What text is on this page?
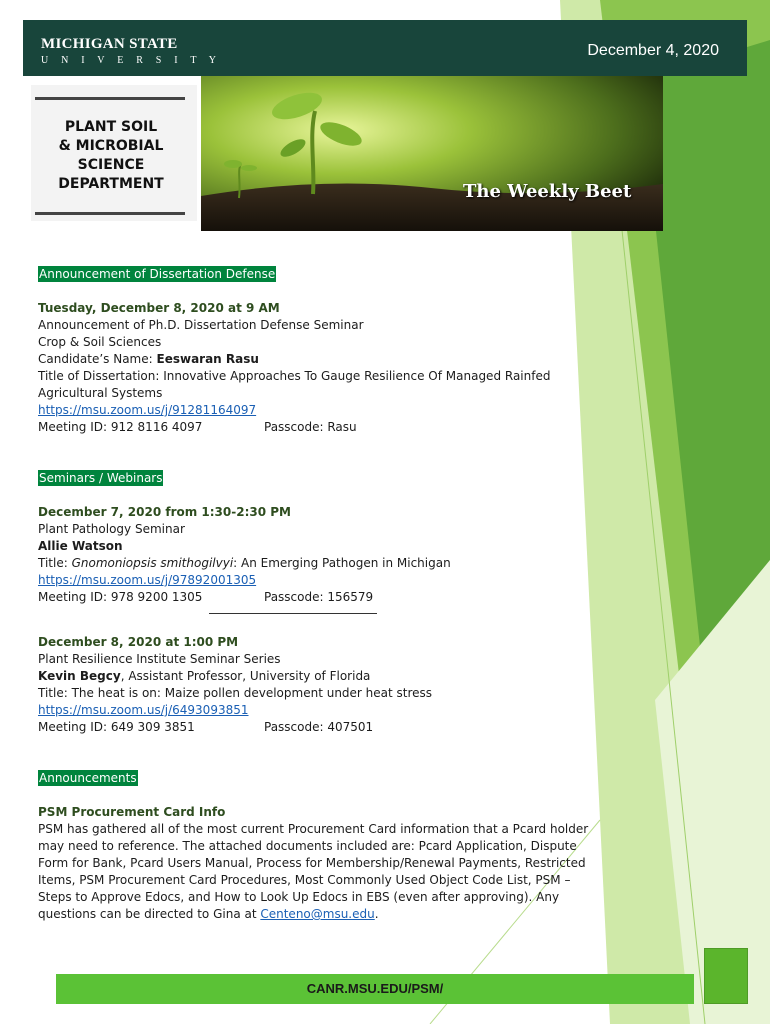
MICHIGAN STATE
U N I V E R S I T Y
December 4, 2020
PLANT SOIL
& MICROBIAL
SCIENCE
DEPARTMENT	The Weekly Beet
Announcement of Dissertation Defense
Tuesday, December 8, 2020 at 9 AM
Announcement of Ph.D. Dissertation Defense Seminar
Crop & Soil Sciences
Candidate’s Name: Eeswaran Rasu
Title of Dissertation: Innovative Approaches To Gauge Resilience Of Managed Rainfed
Agricultural Systems
https://msu.zoom.us/j/91281164097
Meeting ID: 912 8116 4097	Passcode: Rasu
Seminars / Webinars
December 7, 2020 from 1:30-2:30 PM
Plant Pathology Seminar
Allie Watson
Title: Gnomoniopsis smithogilvyi: An Emerging Pathogen in Michigan
https://msu.zoom.us/j/97892001305
Meeting ID: 978 9200 1305	Passcode: 156579
December 8, 2020 at 1:00 PM
Plant Resilience Institute Seminar Series
Kevin Begcy, Assistant Professor, University of Florida
Title: The heat is on: Maize pollen development under heat stress
https://msu.zoom.us/j/6493093851
Meeting ID: 649 309 3851	Passcode: 407501
Announcements
PSM Procurement Card Info
PSM has gathered all of the most current Procurement Card information that a Pcard holder may need to reference. The attached documents included are: Pcard Application, Dispute Form for Bank, Pcard Users Manual, Process for Membership/Renewal Payments, Restricted Items, PSM Procurement Card Procedures, Most Commonly Used Object Code List, PSM – Steps to Approve Edocs, and How to Look Up Edocs in EBS (even after approving). Any questions can be directed to Gina at Centeno@msu.edu.
CANR.MSU.EDU/PSM/
